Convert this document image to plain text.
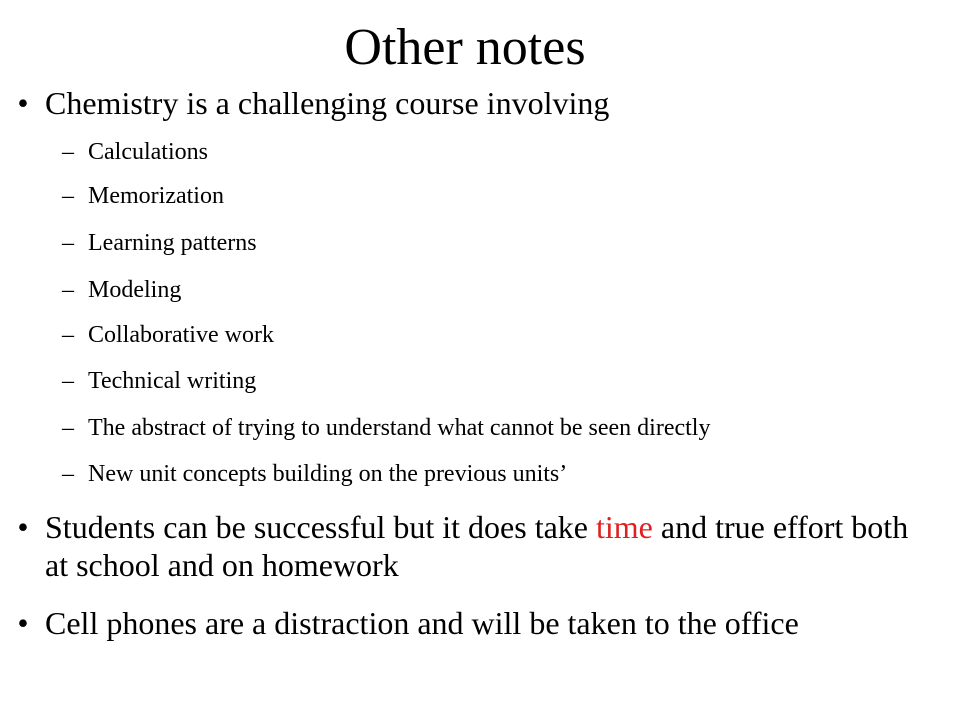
Other notes
• Chemistry is a challenging course involving
– Calculations
– Memorization
– Learning patterns
– Modeling
– Collaborative work
– Technical writing
– The abstract of trying to understand what cannot be seen directly
– New unit concepts building on the previous units’
• Students can be successful but it does take time and true effort both at school and on homework
• Cell phones are a distraction and will be taken to the office
